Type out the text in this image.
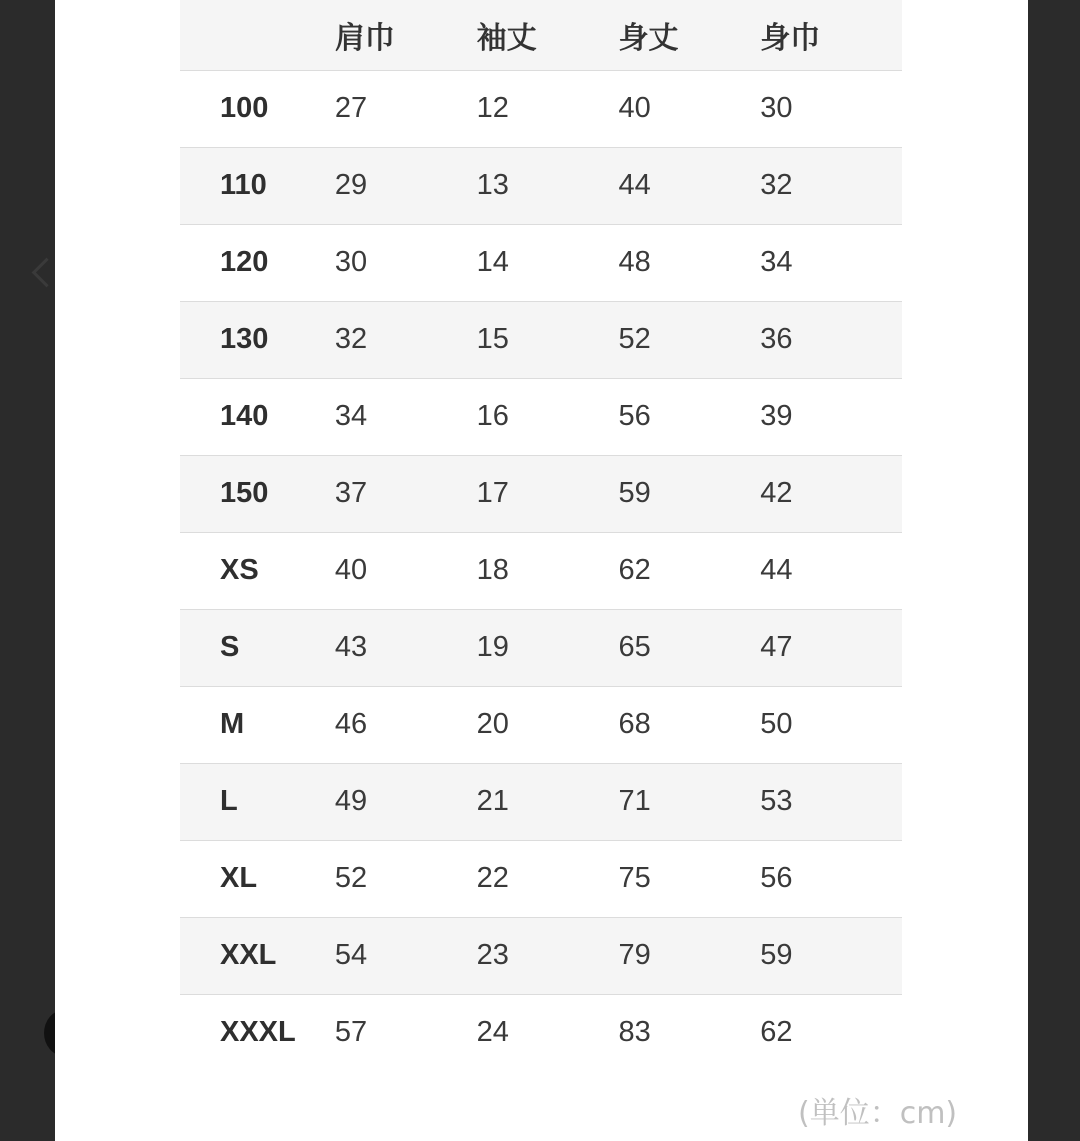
	肩巾	袖丈	身丈	身巾
100	27	12	40	30
110	29	13	44	32
120	30	14	48	34
130	32	15	52	36
140	34	16	56	39
150	37	17	59	42
XS	40	18	62	44
S	43	19	65	47
M	46	20	68	50
L	49	21	71	53
XL	52	22	75	56
XXL	54	23	79	59
XXXL	57	24	83	62
(単位：cm)
